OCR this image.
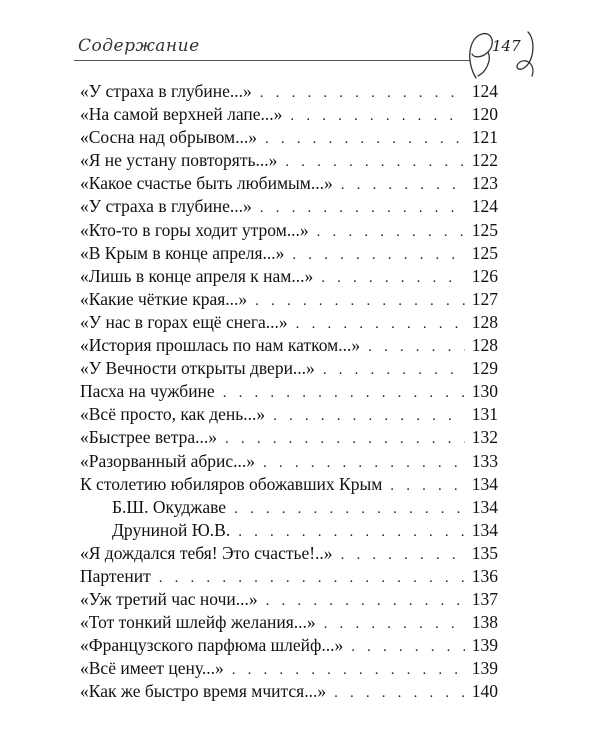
Содержание	147
«У страха в глубине...» . . .	124
«На самой верхней лапе...» . . .	120
«Сосна над обрывом...» . . .	121
«Я не устану повторять...» . . .	122
«Какое счастье быть любимым...» . . .	123
«У страха в глубине...» . . .	124
«Кто-то в горы ходит утром...» . . .	125
«В Крым в конце апреля...» . . .	125
«Лишь в конце апреля к нам...» . . .	126
«Какие чёткие края...» . . .	127
«У нас в горах ещё снега...» . . .	128
«История прошлась по нам катком...» . . .	128
«У Вечности открыты двери...» . . .	129
Пасха на чужбине . . .	130
«Всё просто, как день...» . . .	131
«Быстрее ветра...» . . .	132
«Разорванный абрис...» . . .	133
К столетию юбиляров обожавших Крым . . .	134
Б.Ш. Окуджаве . . .	134
Друниной Ю.В. . . .	134
«Я дождался тебя! Это счастье!..» . . .	135
Партенит . . .	136
«Уж третий час ночи...» . . .	137
«Тот тонкий шлейф желания...» . . .	138
«Французского парфюма шлейф...» . . .	139
«Всё имеет цену...» . . .	139
«Как же быстро время мчится...» . . .	140
